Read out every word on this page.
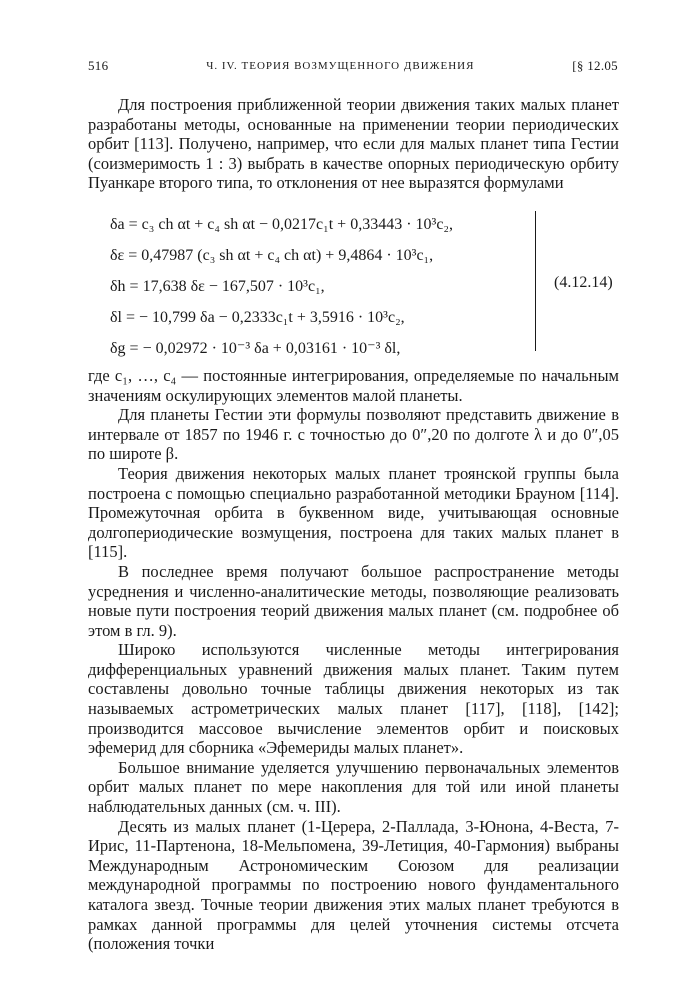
516	Ч. IV. ТЕОРИЯ ВОЗМУЩЕННОГО ДВИЖЕНИЯ	[§ 12.05

Для построения приближенной теории движения таких малых планет разработаны методы, основанные на применении теории периодических орбит [113]. Получено, например, что если для малых планет типа Гестии (соизмеримость 1 : 3) выбрать в качестве опорных периодическую орбиту Пуанкаре второго типа, то отклонения от нее выразятся формулами

δa = c₃ ch αt + c₄ sh αt − 0,0217c₁t + 0,33443 · 10³c₂,
δε = 0,47987 (c₃ sh αt + c₄ ch αt) + 9,4864 · 10³c₁,
δh = 17,638 δε − 167,507 · 10³c₁,
δl = − 10,799 δa − 0,2333c₁t + 3,5916 · 10³c₂,
δg = − 0,02972 · 10⁻³ δa + 0,03161 · 10⁻³ δl,
(4.12.14)

где c₁, …, c₄ — постоянные интегрирования, определяемые по начальным значениям оскулирующих элементов малой планеты.

Для планеты Гестии эти формулы позволяют представить движение в интервале от 1857 по 1946 г. с точностью до 0″,20 по долготе λ и до 0″,05 по широте β.

Теория движения некоторых малых планет троянской группы была построена с помощью специально разработанной методики Брауном [114]. Промежуточная орбита в буквенном виде, учитывающая основные долгопериодические возмущения, построена для таких малых планет в [115].

В последнее время получают большое распространение методы усреднения и численно-аналитические методы, позволяющие реализовать новые пути построения теорий движения малых планет (см. подробнее об этом в гл. 9).

Широко используются численные методы интегрирования дифференциальных уравнений движения малых планет. Таким путем составлены довольно точные таблицы движения некоторых из так называемых астрометрических малых планет [117], [118], [142]; производится массовое вычисление элементов орбит и поисковых эфемерид для сборника «Эфемериды малых планет».

Большое внимание уделяется улучшению первоначальных элементов орбит малых планет по мере накопления для той или иной планеты наблюдательных данных (см. ч. III).

Десять из малых планет (1-Церера, 2-Паллада, 3-Юнона, 4-Веста, 7-Ирис, 11-Партенона, 18-Мельпомена, 39-Летиция, 40-Гармония) выбраны Международным Астрономическим Союзом для реализации международной программы по построению нового фундаментального каталога звезд. Точные теории движения этих малых планет требуются в рамках данной программы для целей уточнения системы отсчета (положения точки
